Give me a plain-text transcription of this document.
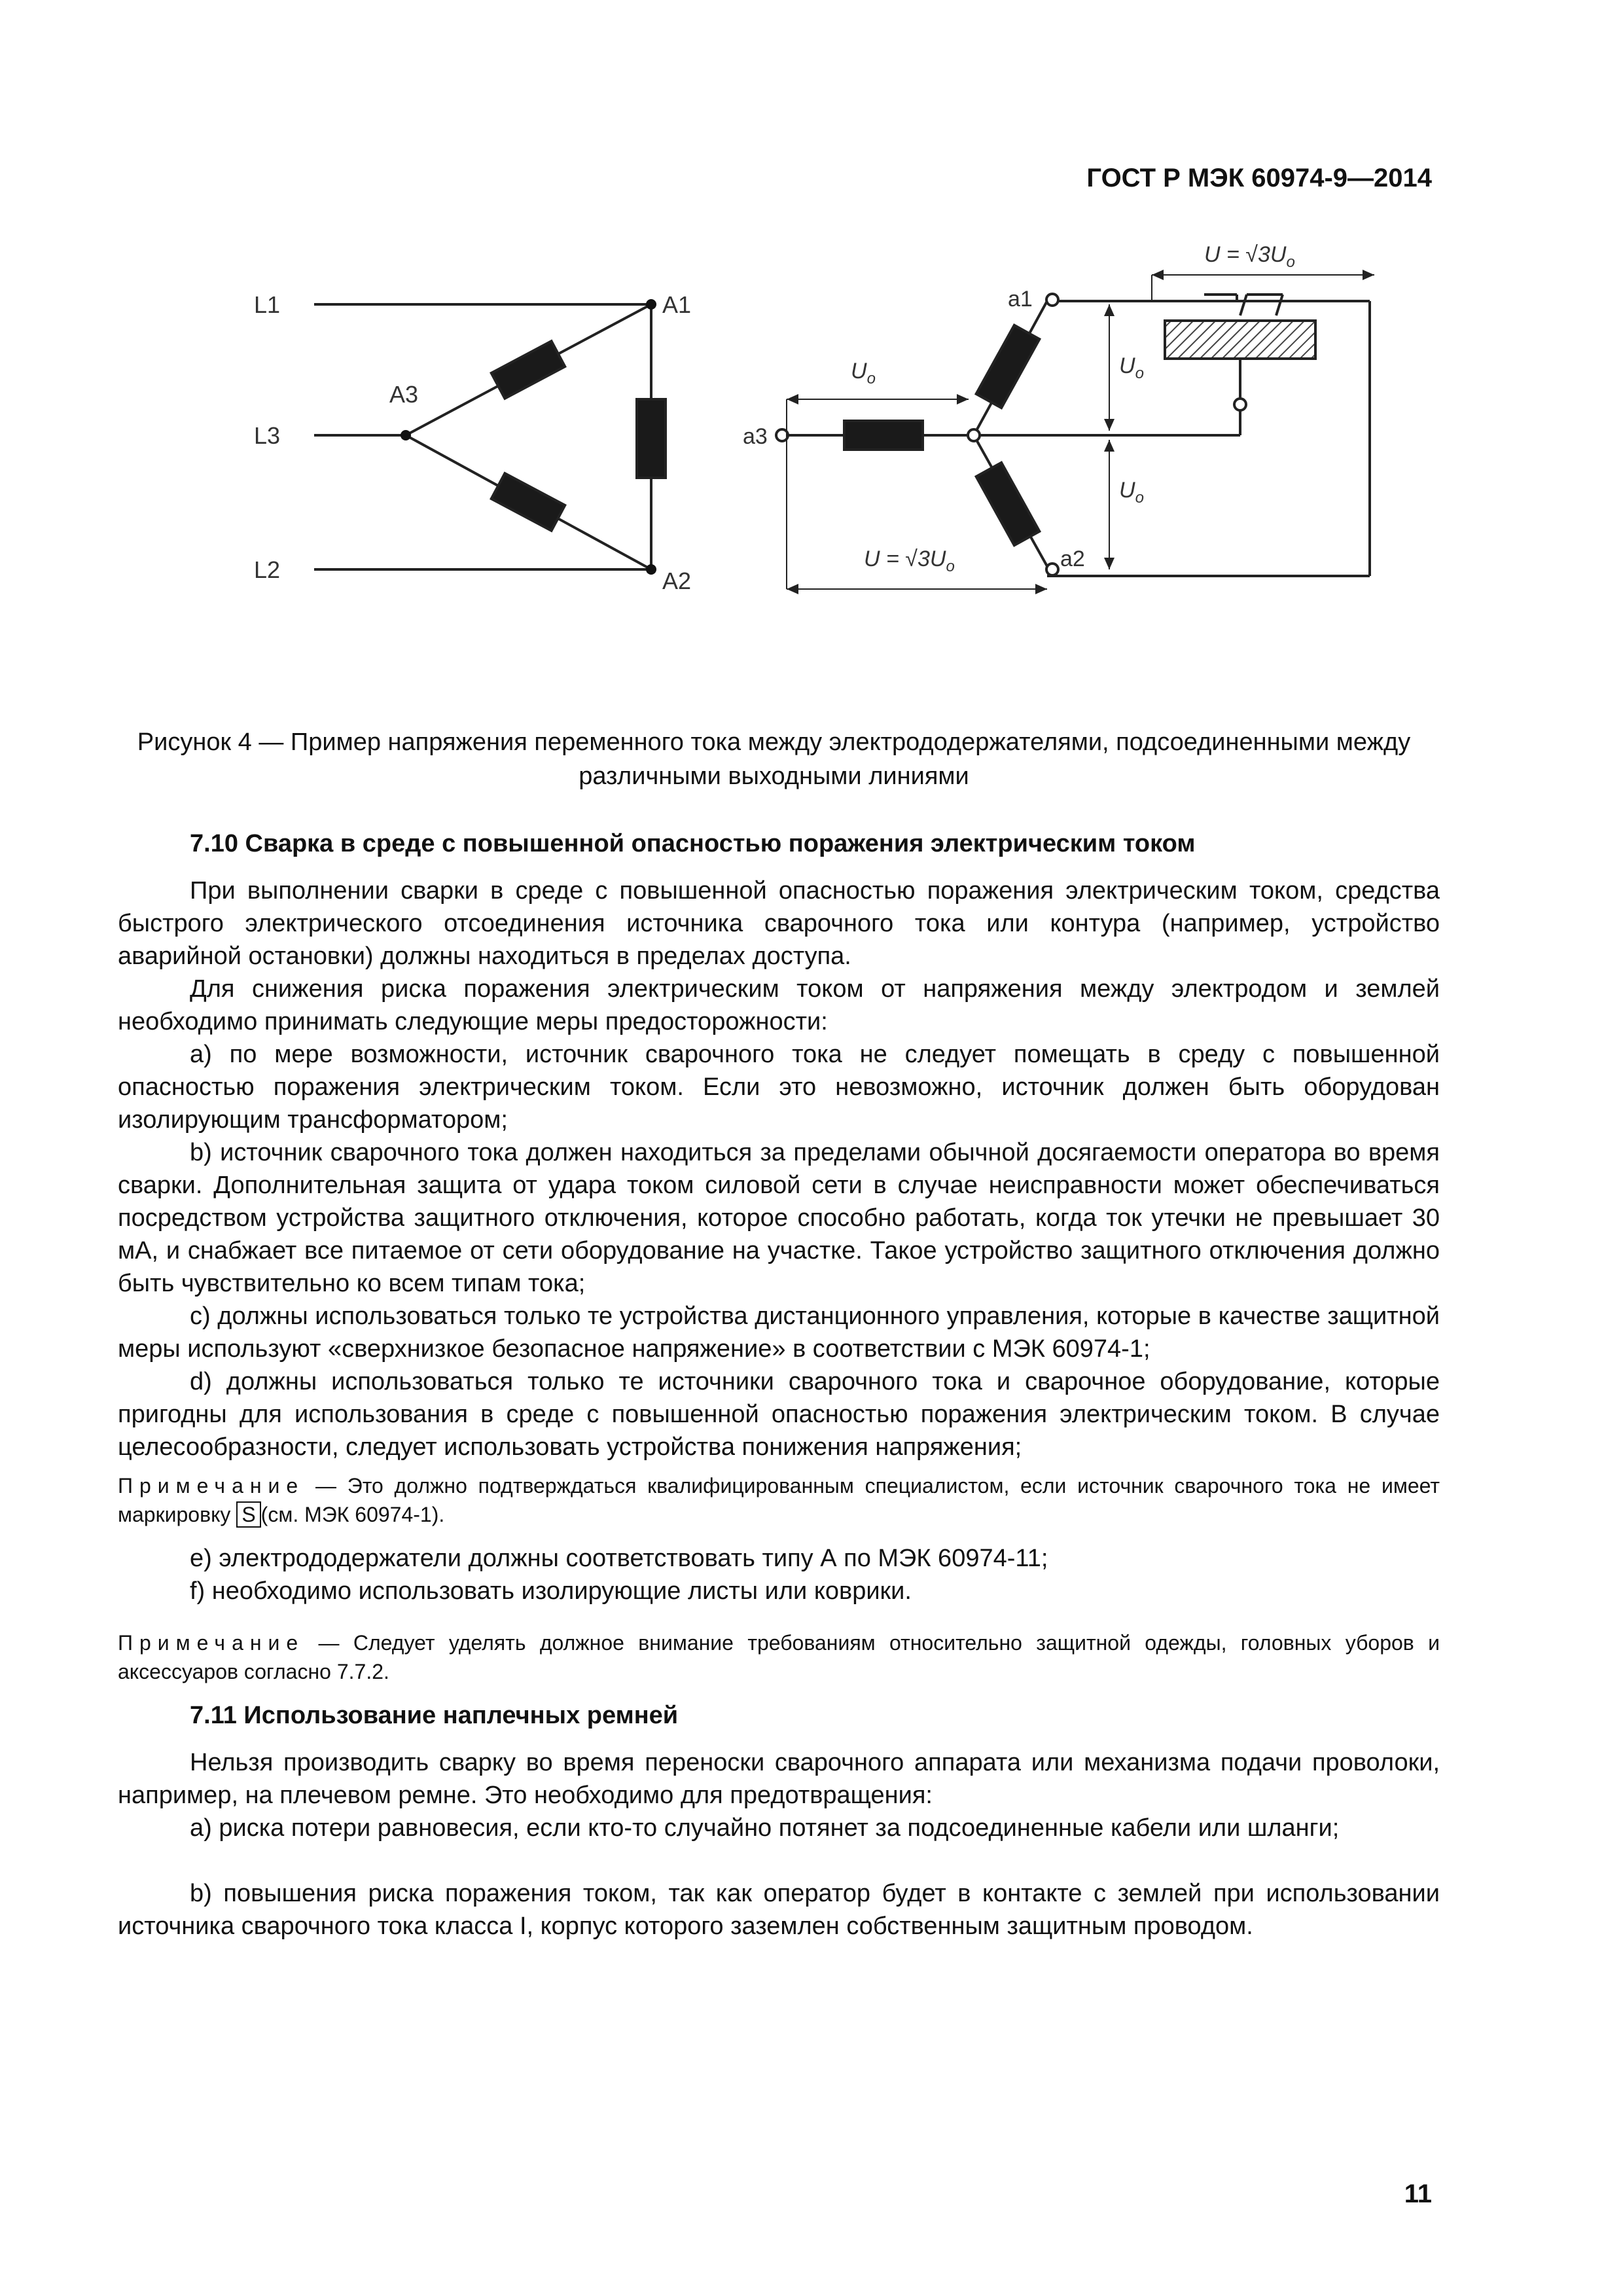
ГОСТ Р МЭК 60974-9—2014
L1
L3
L2
A1
A2
A3
a1
a2
a3
$U_o$
$U_o$
$U_o$
$U = √3U_o$
$U = √3U_o$
Рисунок 4 — Пример напряжения переменного тока между электрододержателями, подсоединенными между различными выходными линиями
7.10 Сварка в среде с повышенной опасностью поражения электрическим током
При выполнении сварки в среде с повышенной опасностью поражения электрическим током, средства быстрого электрического отсоединения источника сварочного тока или контура (например, устройство аварийной остановки) должны находиться в пределах доступа.
Для снижения риска поражения электрическим током от напряжения между электродом и землей необходимо принимать следующие меры предосторожности:
a) по мере возможности, источник сварочного тока не следует помещать в среду с повышенной опасностью поражения электрическим током. Если это невозможно, источник должен быть оборудован изолирующим трансформатором;
b) источник сварочного тока должен находиться за пределами обычной досягаемости оператора во время сварки. Дополнительная защита от удара током силовой сети в случае неисправности может обеспечиваться посредством устройства защитного отключения, которое способно работать, когда ток утечки не превышает 30 мА, и снабжает все питаемое от сети оборудование на участке. Такое устройство защитного отключения должно быть чувствительно ко всем типам тока;
c) должны использоваться только те устройства дистанционного управления, которые в качестве защитной меры используют «сверхнизкое безопасное напряжение» в соответствии с МЭК 60974-1;
d) должны использоваться только те источники сварочного тока и сварочное оборудование, которые пригодны для использования в среде с повышенной опасностью поражения электрическим током. В случае целесообразности, следует использовать устройства понижения напряжения;
Примечание — Это должно подтверждаться квалифицированным специалистом, если источник сварочного тока не имеет маркировку S (см. МЭК 60974-1).
e) электрододержатели должны соответствовать типу А по МЭК 60974-11;
f) необходимо использовать изолирующие листы или коврики.
Примечание — Следует уделять должное внимание требованиям относительно защитной одежды, головных уборов и аксессуаров согласно 7.7.2.
7.11 Использование наплечных ремней
Нельзя производить сварку во время переноски сварочного аппарата или механизма подачи проволоки, например, на плечевом ремне. Это необходимо для предотвращения:
a) риска потери равновесия, если кто-то случайно потянет за подсоединенные кабели или шланги;
b) повышения риска поражения током, так как оператор будет в контакте с землей при использовании источника сварочного тока класса I, корпус которого заземлен собственным защитным проводом.
11
